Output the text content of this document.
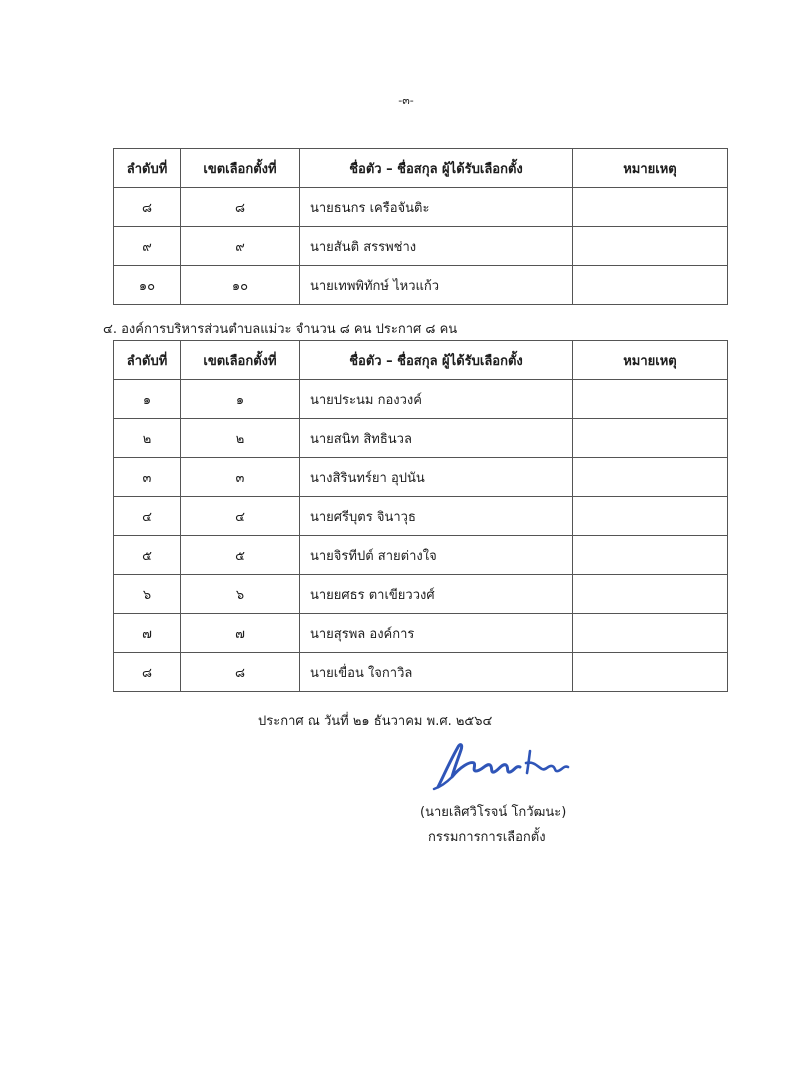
-๓-
ลำดับที่	เขตเลือกตั้งที่	ชื่อตัว – ชื่อสกุล ผู้ได้รับเลือกตั้ง	หมายเหตุ
๘	๘	นายธนกร เครือจันติะ	
๙	๙	นายสันติ สรรพช่าง	
๑๐	๑๐	นายเทพพิทักษ์ ไหวแก้ว	
๔. องค์การบริหารส่วนตำบลแม่วะ จำนวน ๘ คน ประกาศ ๘ คน
ลำดับที่	เขตเลือกตั้งที่	ชื่อตัว – ชื่อสกุล ผู้ได้รับเลือกตั้ง	หมายเหตุ
๑	๑	นายประนม กองวงค์	
๒	๒	นายสนิท สิทธินวล	
๓	๓	นางสิรินทร์ยา อุปนัน	
๔	๔	นายศรีบุตร จินาวุธ	
๕	๕	นายจิรทีปต์ สายต่างใจ	
๖	๖	นายยศธร ตาเขียววงศ์	
๗	๗	นายสุรพล องค์การ	
๘	๘	นายเขื่อน ใจกาวิล	
ประกาศ ณ วันที่ ๒๑ ธันวาคม พ.ศ. ๒๕๖๔
(นายเลิศวิโรจน์ โกวัฒนะ)
กรรมการการเลือกตั้ง
